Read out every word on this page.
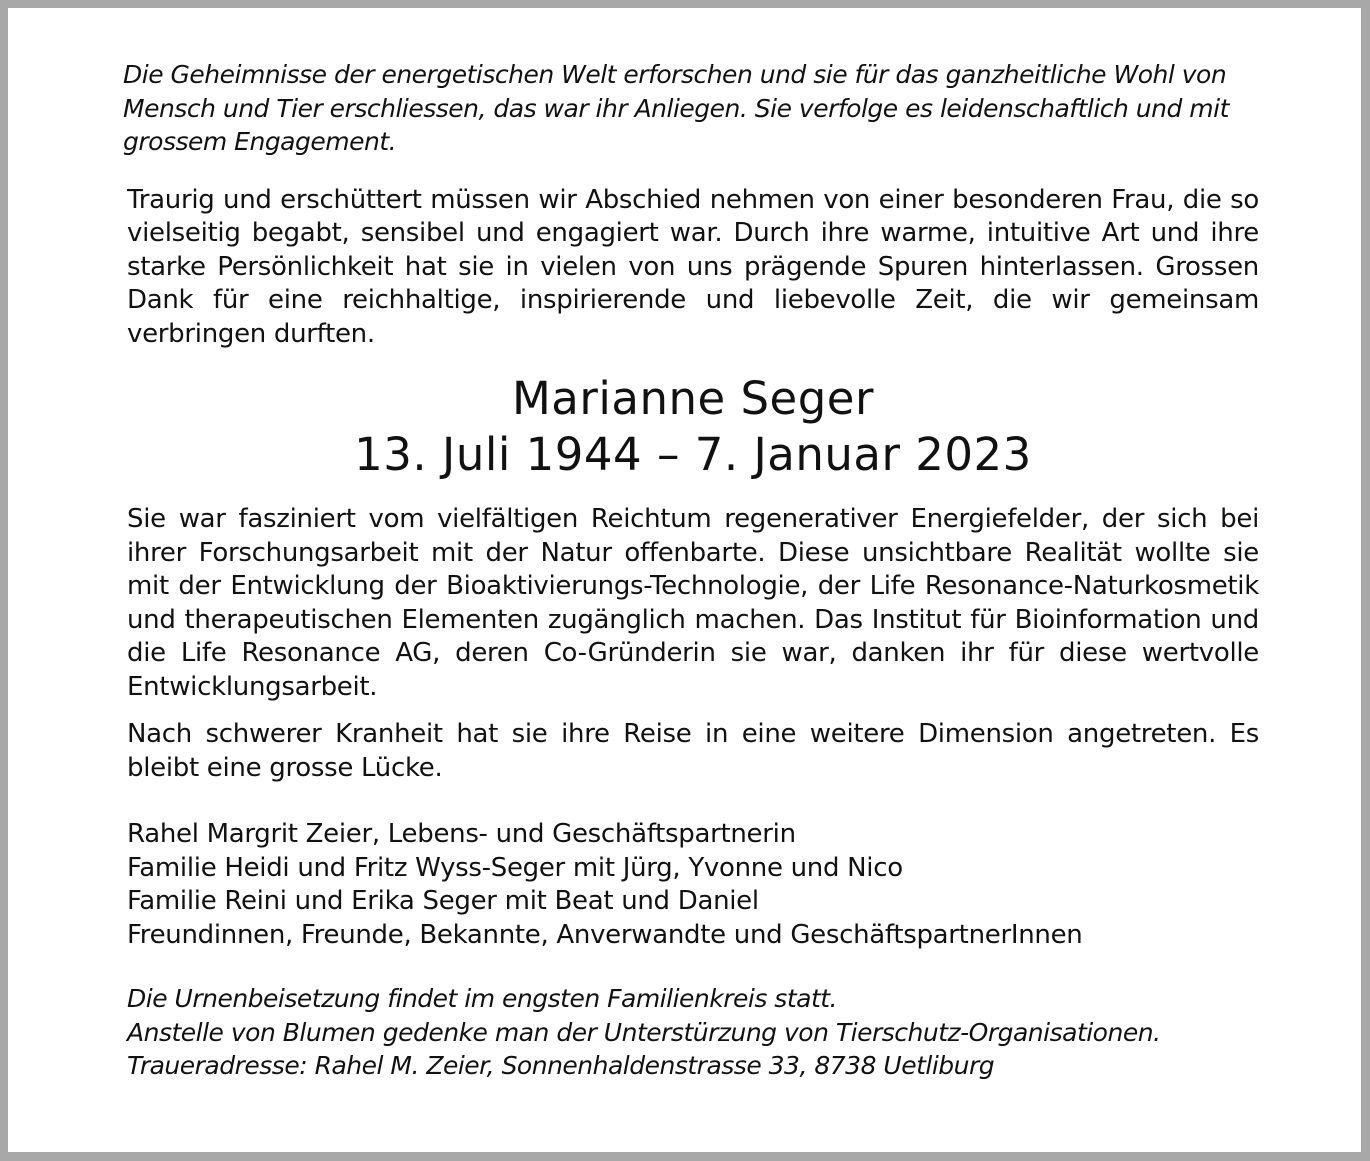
Die Geheimnisse der energetischen Welt erforschen und sie für das ganzheitliche Wohl von Mensch und Tier erschliessen, das war ihr Anliegen. Sie verfolge es leidenschaftlich und mit grossem Engagement.

Traurig und erschüttert müssen wir Abschied nehmen von einer besonderen Frau, die so vielseitig begabt, sensibel und engagiert war. Durch ihre warme, intuitive Art und ihre starke Persönlichkeit hat sie in vielen von uns prägende Spuren hinterlassen. Grossen Dank für eine reichhaltige, inspirierende und liebevolle Zeit, die wir gemeinsam verbringen durften.

Marianne Seger
13. Juli 1944 – 7. Januar 2023

Sie war fasziniert vom vielfältigen Reichtum regenerativer Energiefelder, der sich bei ihrer Forschungsarbeit mit der Natur offenbarte. Diese unsichtbare Realität wollte sie mit der Entwicklung der Bioaktivierungs-Technologie, der Life Resonance-Naturkosmetik und therapeutischen Elementen zugänglich machen. Das Institut für Bioinformation und die Life Resonance AG, deren Co-Gründerin sie war, danken ihr für diese wertvolle Entwicklungsarbeit.

Nach schwerer Kranheit hat sie ihre Reise in eine weitere Dimension angetreten. Es bleibt eine grosse Lücke.

Rahel Margrit Zeier, Lebens- und Geschäftspartnerin
Familie Heidi und Fritz Wyss-Seger mit Jürg, Yvonne und Nico
Familie Reini und Erika Seger mit Beat und Daniel
Freundinnen, Freunde, Bekannte, Anverwandte und GeschäftspartnerInnen
Die Urnenbeisetzung findet im engsten Familienkreis statt.
Anstelle von Blumen gedenke man der Unterstürzung von Tierschutz-Organisationen.
Traueradresse: Rahel M. Zeier, Sonnenhaldenstrasse 33, 8738 Uetliburg
